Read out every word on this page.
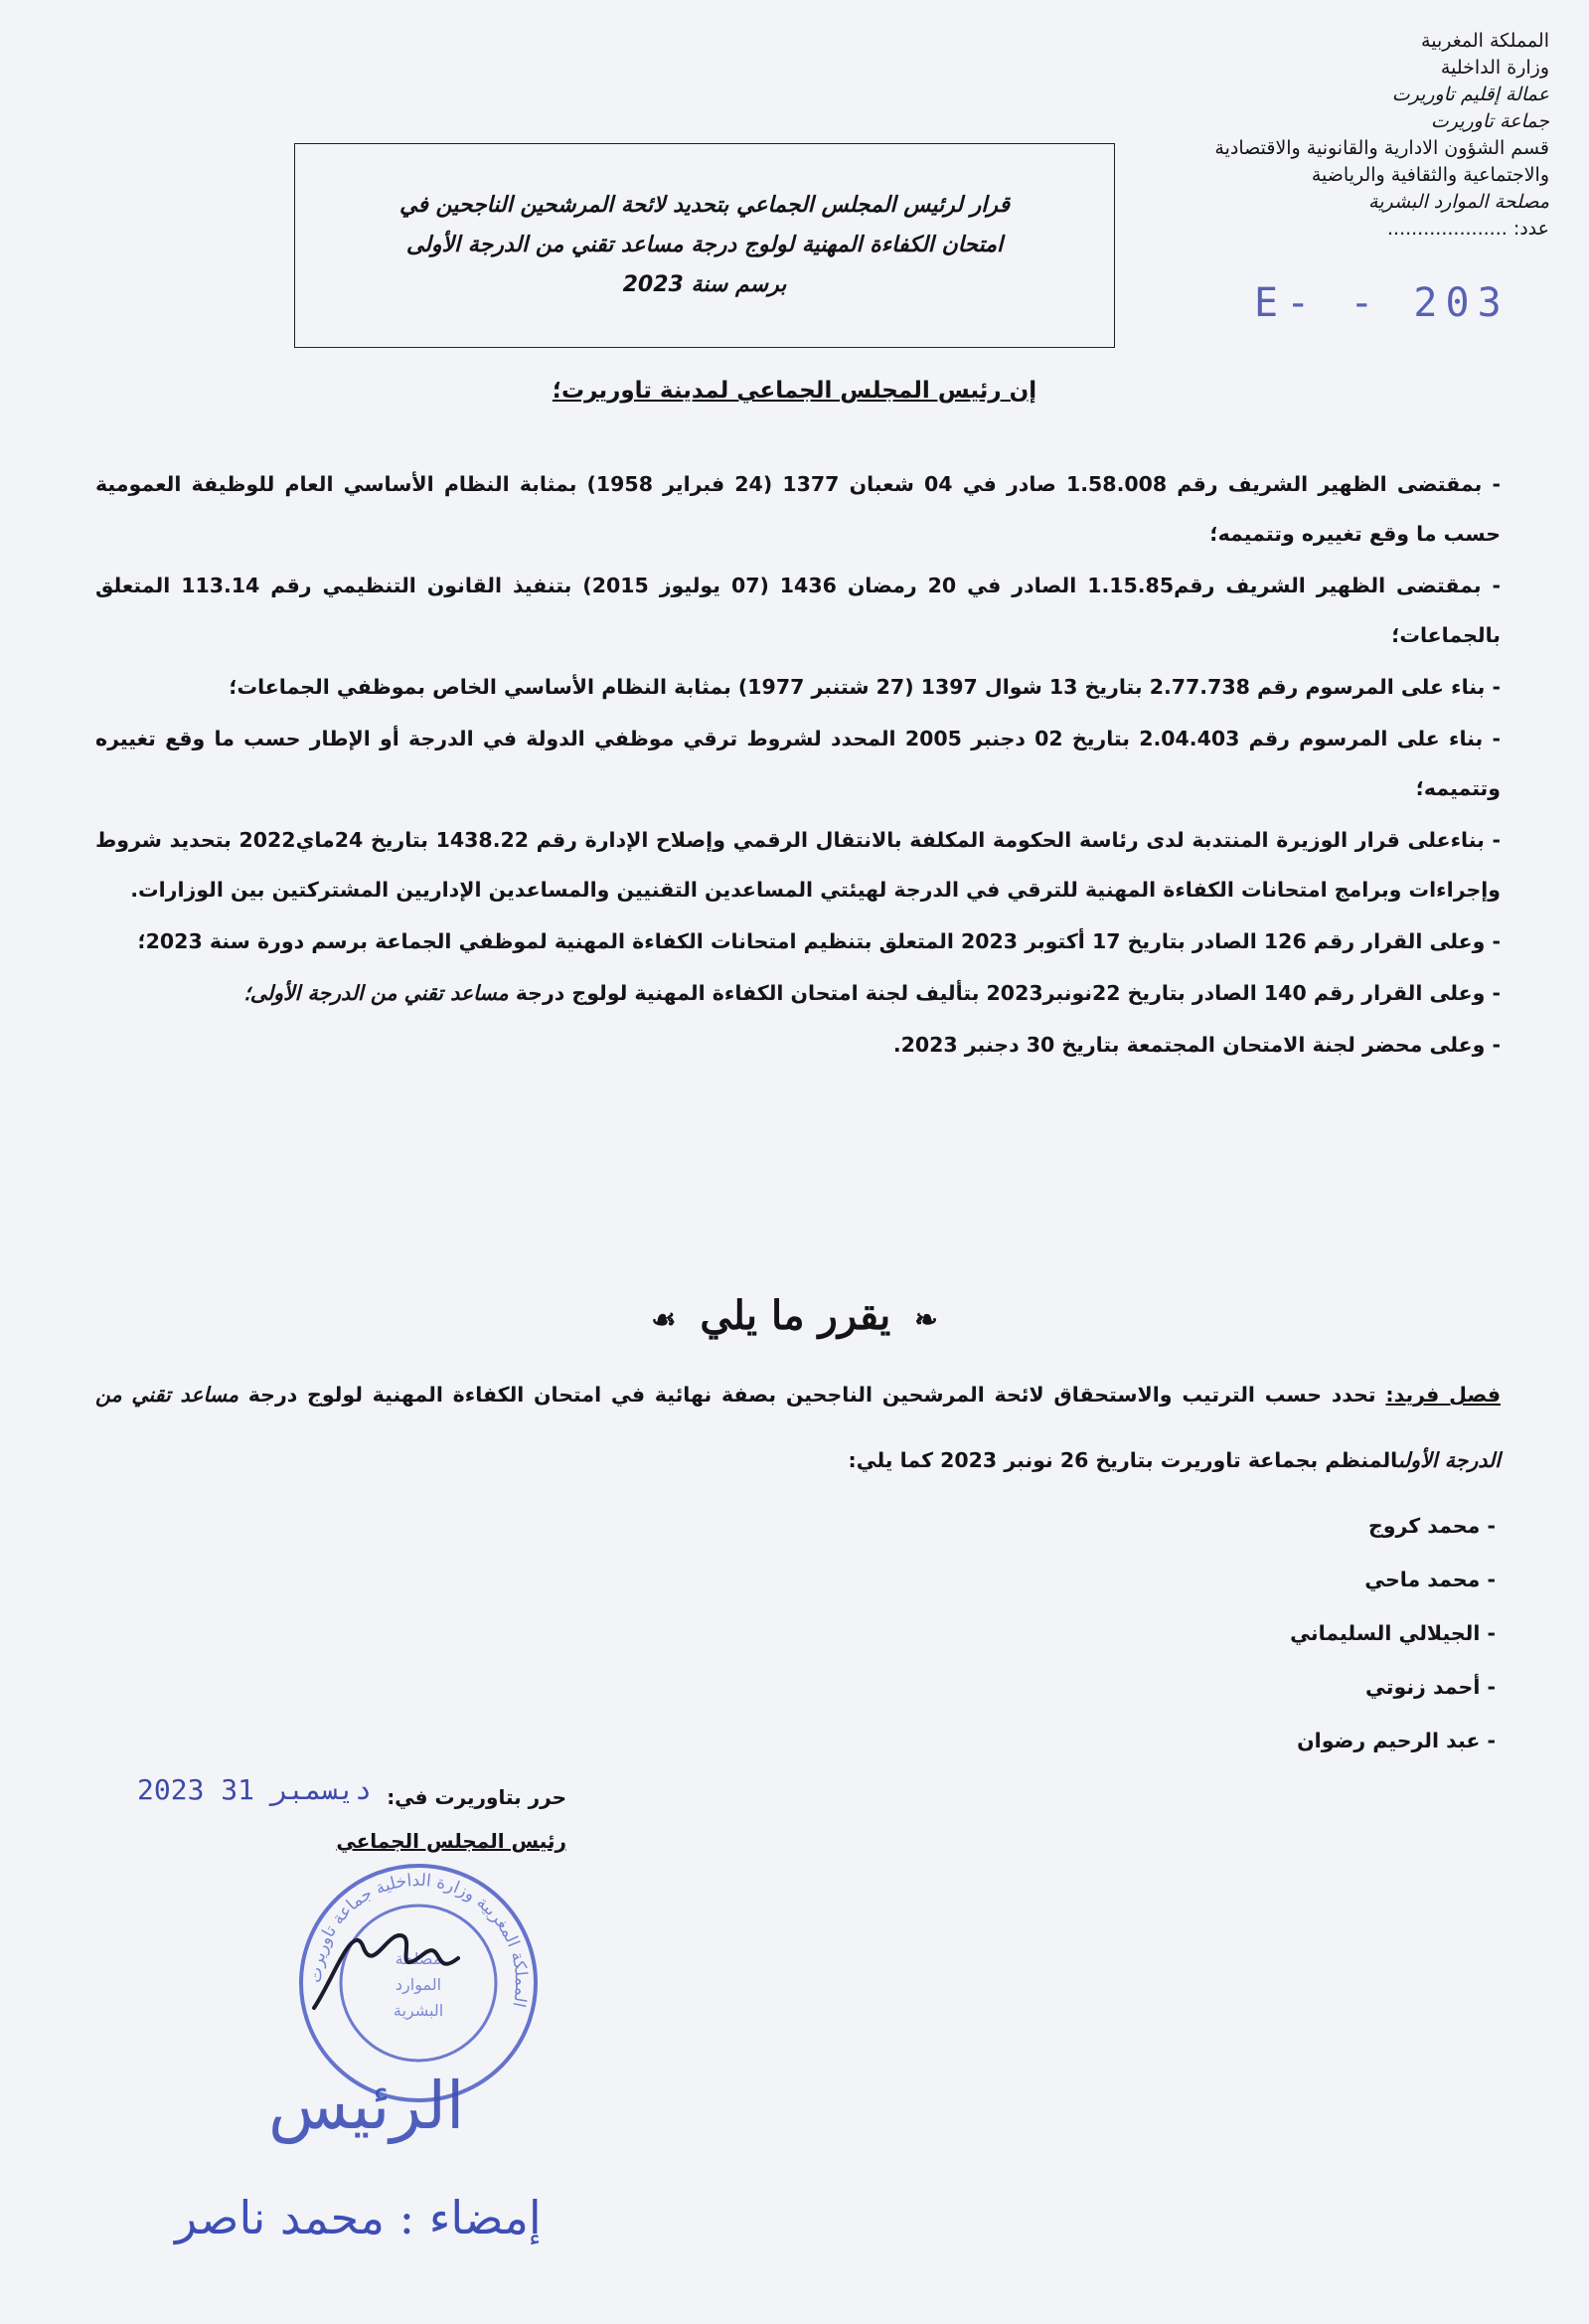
المملكة المغربية
وزارة الداخلية
عمالة إقليم تاوريرت
جماعة تاوريرت
قسم الشؤون الادارية والقانونية والاقتصادية
والاجتماعية والثقافية والرياضية
مصلحة الموارد البشرية
عدد: ....................
E- - 203
قرار لرئيس المجلس الجماعي بتحديد لائحة المرشحين الناجحين في
امتحان الكفاءة المهنية لولوج درجة مساعد تقني من الدرجة الأولى
برسم سنة 2023
إن رئيس المجلس الجماعي لمدينة تاوريرت؛

- بمقتضى الظهير الشريف رقم 1.58.008 صادر في 04 شعبان 1377 (24 فبراير 1958) بمثابة النظام الأساسي العام للوظيفة العمومية حسب ما وقع تغييره وتتميمه؛

- بمقتضى الظهير الشريف رقم1.15.85 الصادر في 20 رمضان 1436 (07 يوليوز 2015) بتنفيذ القانون التنظيمي رقم 113.14 المتعلق بالجماعات؛

- بناء على المرسوم رقم 2.77.738 بتاريخ 13 شوال 1397 (27 شتنبر 1977) بمثابة النظام الأساسي الخاص بموظفي الجماعات؛

- بناء على المرسوم رقم 2.04.403 بتاريخ 02 دجنبر 2005 المحدد لشروط ترقي موظفي الدولة في الدرجة أو الإطار حسب ما وقع تغييره وتتميمه؛

- بناءعلى قرار الوزيرة المنتدبة لدى رئاسة الحكومة المكلفة بالانتقال الرقمي وإصلاح الإدارة رقم 1438.22 بتاريخ 24ماي2022 بتحديد شروط وإجراءات وبرامج امتحانات الكفاءة المهنية للترقي في الدرجة لهيئتي المساعدين التقنيين والمساعدين الإداريين المشتركتين بين الوزارات.

- وعلى القرار رقم 126 الصادر بتاريخ 17 أكتوبر 2023 المتعلق بتنظيم امتحانات الكفاءة المهنية لموظفي الجماعة برسم دورة سنة 2023؛

- وعلى القرار رقم 140 الصادر بتاريخ 22نونبر2023 بتأليف لجنة امتحان الكفاءة المهنية لولوج درجة مساعد تقني من الدرجة الأولى؛

- وعلى محضر لجنة الامتحان المجتمعة بتاريخ 30 دجنبر 2023.

❧يقرر ما يلي☙
فصل فريد: تحدد حسب الترتيب والاستحقاق لائحة المرشحين الناجحين بصفة نهائية في امتحان الكفاءة المهنية لولوج درجة مساعد تقني من الدرجة الأولىالمنظم بجماعة تاوريرت بتاريخ 26 نونبر 2023 كما يلي:
- محمد كروج
- محمد ماحي
- الجيلالي السليماني
- أحمد زنوتي
- عبد الرحيم رضوان
حرر بتاوريرت في:
رئيس المجلس الجماعي
2023 ديسمبر 31
المملكة المغربية وزارة الداخلية جماعة تاوريرت
مصلحة
الموارد
البشرية
الرئيس
إمضاء : محمد ناصر
